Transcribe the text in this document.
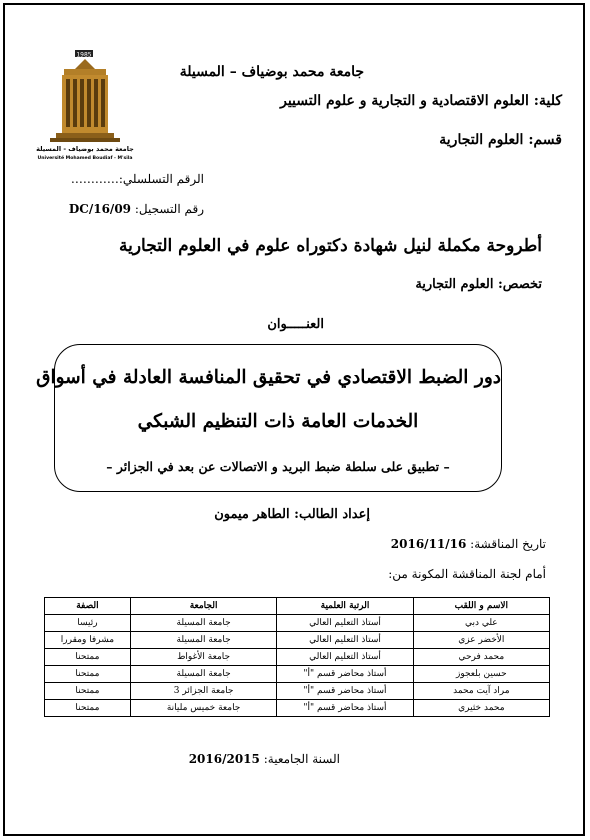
1985
جامعة محمد بوضياف - المسيلة
Université Mohamed Boudiaf - M'sila
جامعة محمد بوضياف – المسيلة
كلية: العلوم الاقتصادية و التجارية و علوم التسيير
قسم: العلوم التجارية
الرقم التسلسلي:…………
رقم التسجيل: DC/16/09
أطروحة مكملة لنيل شهادة دكتوراه علوم في العلوم التجارية
تخصص: العلوم التجارية
العنـــــوان
دور الضبط الاقتصادي في تحقيق المنافسة العادلة في أسواق
الخدمات العامة ذات التنظيم الشبكي
– تطبيق على سلطة ضبط البريد و الاتصالات عن بعد في الجزائر –
إعداد الطالب: الطاهر ميمون
تاريخ المناقشة: 2016/11/16
أمام لجنة المناقشة المكونة من:
الاسم و اللقب	الرتبة العلمية	الجامعة	الصفة
علي دبي	أستاذ التعليم العالي	جامعة المسيلة	رئيسا
الأخضر عزي	أستاذ التعليم العالي	جامعة المسيلة	مشرفا ومقررا
محمد فرحي	أستاذ التعليم العالي	جامعة الأغواط	ممتحنا
حسين بلعجوز	أستاذ محاضر قسم "أ"	جامعة المسيلة	ممتحنا
مراد آيت محمد	أستاذ محاضر قسم "أ"	جامعة الجزائر 3	ممتحنا
محمد خثيري	أستاذ محاضر قسم "أ"	جامعة خميس مليانة	ممتحنا
السنة الجامعية: 2016/2015
